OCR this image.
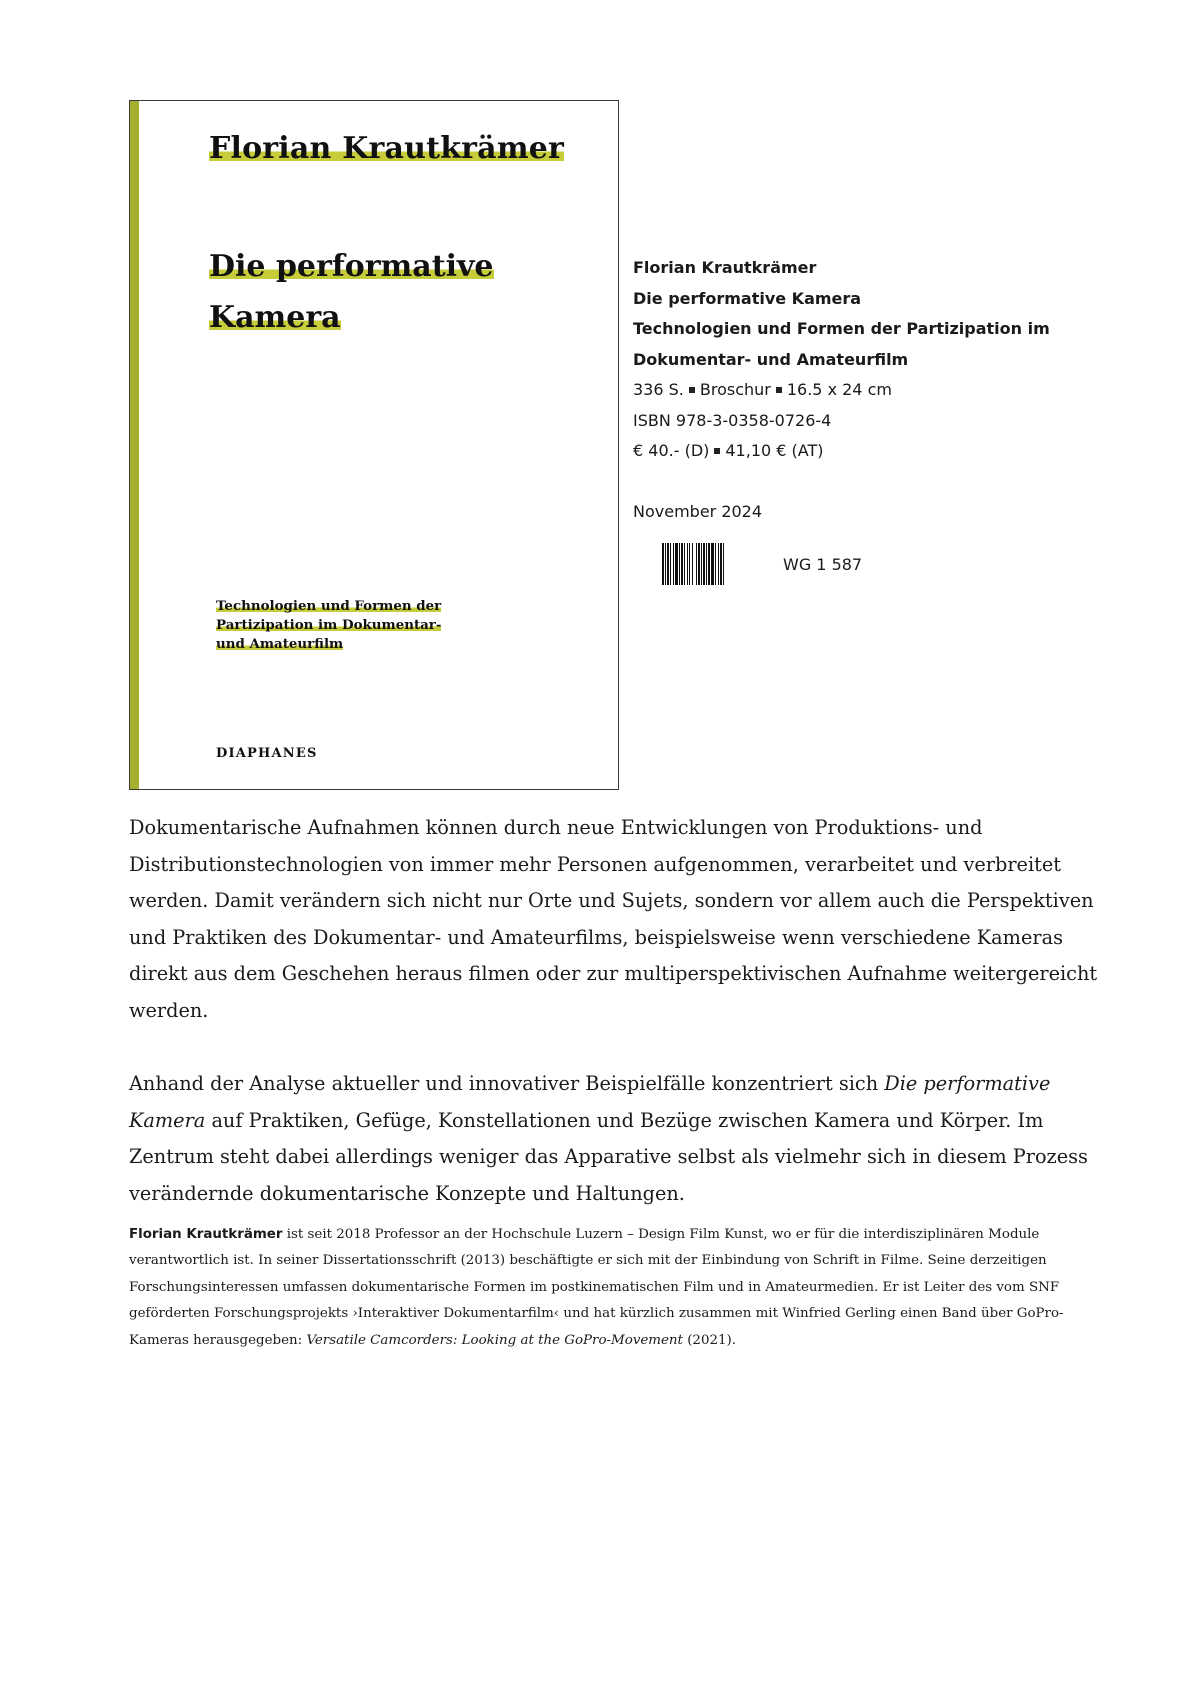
Florian Krautkrämer
Die performative
Kamera

Technologien und Formen der
Partizipation im Dokumentar-
und Amateurfilm

DIAPHANES

Florian Krautkrämer
Die performative Kamera
Technologien und Formen der Partizipation im
Dokumentar- und Amateurfilm
336 S. Broschur 16.5 x 24 cm
ISBN 978-3-0358-0726-4
€ 40.- (D) 41,10 € (AT)
November 2024
WG 1 587

Dokumentarische Aufnahmen können durch neue Entwicklungen von Produktions- und Distributionstechnologien von immer mehr Personen aufgenommen, verarbeitet und verbreitet werden. Damit verändern sich nicht nur Orte und Sujets, sondern vor allem auch die Perspektiven und Praktiken des Dokumentar- und Amateurfilms, beispielsweise wenn verschiedene Kameras direkt aus dem Geschehen heraus filmen oder zur multiperspektivischen Aufnahme weitergereicht werden.

Anhand der Analyse aktueller und innovativer Beispielfälle konzentriert sich Die performative Kamera auf Praktiken, Gefüge, Konstellationen und Bezüge zwischen Kamera und Körper. Im Zentrum steht dabei allerdings weniger das Apparative selbst als vielmehr sich in diesem Prozess verändernde dokumentarische Konzepte und Haltungen.

Florian Krautkrämer ist seit 2018 Professor an der Hochschule Luzern – Design Film Kunst, wo er für die interdisziplinären Module verantwortlich ist. In seiner Dissertationsschrift (2013) beschäftigte er sich mit der Einbindung von Schrift in Filme. Seine derzeitigen Forschungsinteressen umfassen dokumentarische Formen im postkinematischen Film und in Amateurmedien. Er ist Leiter des vom SNF geförderten Forschungsprojekts ›Interaktiver Dokumentarfilm‹ und hat kürzlich zusammen mit Winfried Gerling einen Band über GoPro-Kameras herausgegeben: Versatile Camcorders: Looking at the GoPro-Movement (2021).
